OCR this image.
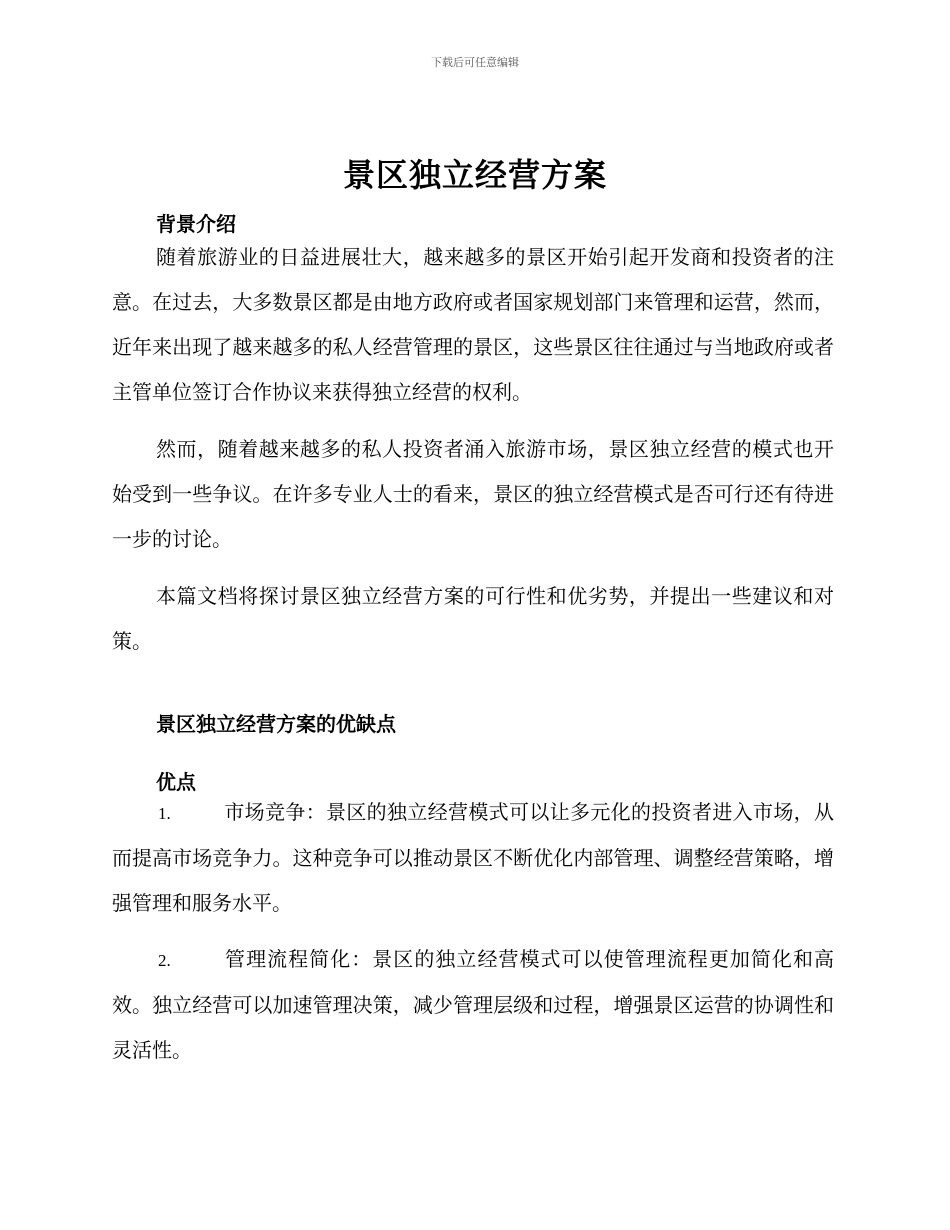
下载后可任意编辑
景区独立经营方案
背景介绍

随着旅游业的日益进展壮大，越来越多的景区开始引起开发商和投资者的注意。在过去，大多数景区都是由地方政府或者国家规划部门来管理和运营，然而，近年来出现了越来越多的私人经营管理的景区，这些景区往往通过与当地政府或者主管单位签订合作协议来获得独立经营的权利。

然而，随着越来越多的私人投资者涌入旅游市场，景区独立经营的模式也开始受到一些争议。在许多专业人士的看来，景区的独立经营模式是否可行还有待进一步的讨论。

本篇文档将探讨景区独立经营方案的可行性和优劣势，并提出一些建议和对策。

景区独立经营方案的优缺点
优点
1.	市场竞争：景区的独立经营模式可以让多元化的投资者进入市场，从而提高市场竞争力。这种竞争可以推动景区不断优化内部管理、调整经营策略，增强管理和服务水平。
2.	管理流程简化：景区的独立经营模式可以使管理流程更加简化和高效。独立经营可以加速管理决策，减少管理层级和过程，增强景区运营的协调性和灵活性。
